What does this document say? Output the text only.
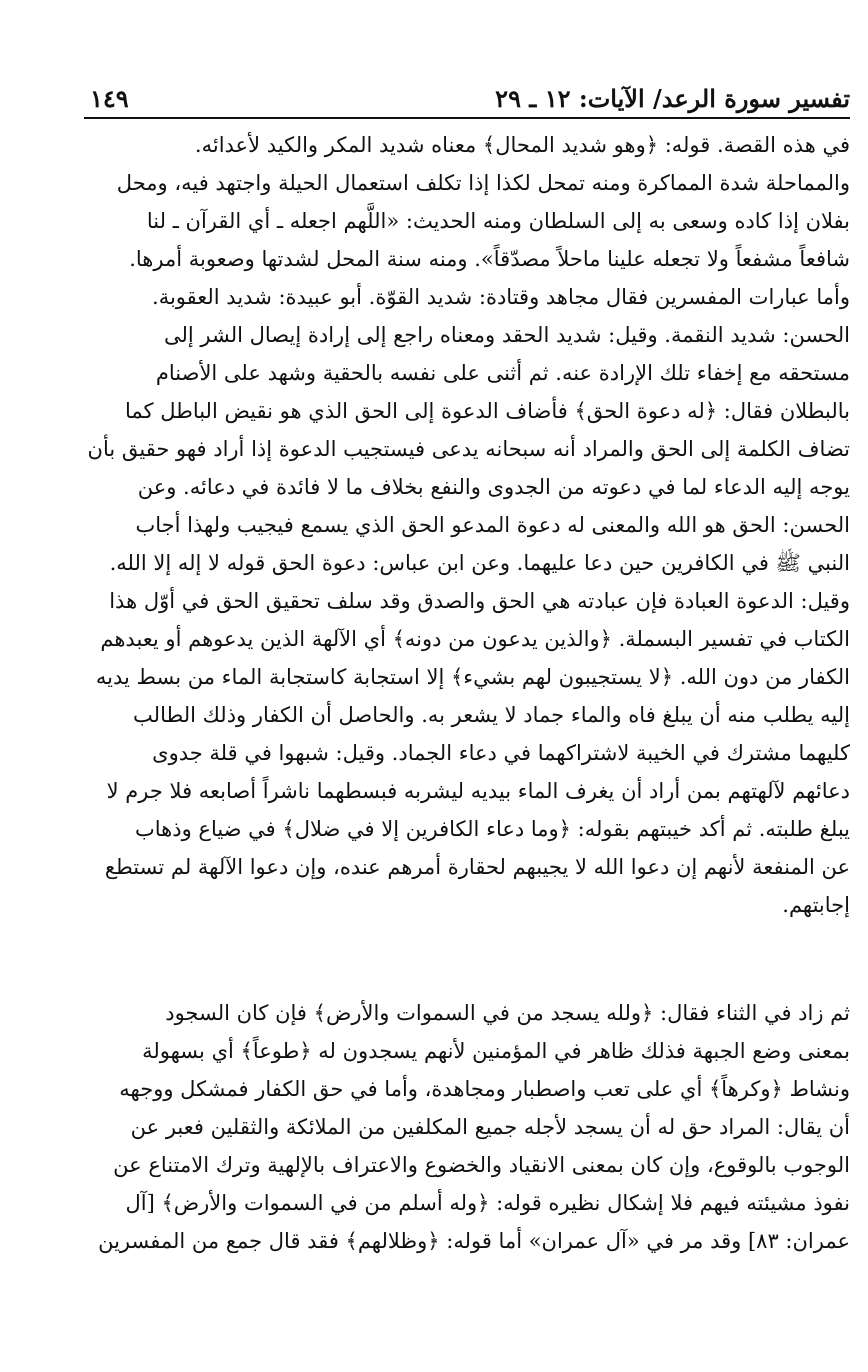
تفسير سورة الرعد/ الآيات: ١٢ ـ ٢٩
١٤٩
في هذه القصة. قوله: ﴿وهو شديد المحال﴾ معناه شديد المكر والكيد لأعدائه.
والمماحلة شدة المماكرة ومنه تمحل لكذا إذا تكلف استعمال الحيلة واجتهد فيه، ومحل
بفلان إذا كاده وسعى به إلى السلطان ومنه الحديث: «اللَّهم اجعله ـ أي القرآن ـ لنا
شافعاً مشفعاً ولا تجعله علينا ماحلاً مصدّقاً». ومنه سنة المحل لشدتها وصعوبة أمرها.
وأما عبارات المفسرين فقال مجاهد وقتادة: شديد القوّة. أبو عبيدة: شديد العقوبة.
الحسن: شديد النقمة. وقيل: شديد الحقد ومعناه راجع إلى إرادة إيصال الشر إلى
مستحقه مع إخفاء تلك الإرادة عنه. ثم أثنى على نفسه بالحقية وشهد على الأصنام
بالبطلان فقال: ﴿له دعوة الحق﴾ فأضاف الدعوة إلى الحق الذي هو نقيض الباطل كما
تضاف الكلمة إلى الحق والمراد أنه سبحانه يدعى فيستجيب الدعوة إذا أراد فهو حقيق بأن
يوجه إليه الدعاء لما في دعوته من الجدوى والنفع بخلاف ما لا فائدة في دعائه. وعن
الحسن: الحق هو الله والمعنى له دعوة المدعو الحق الذي يسمع فيجيب ولهذا أجاب
النبي ﷺ في الكافرين حين دعا عليهما. وعن ابن عباس: دعوة الحق قوله لا إله إلا الله.
وقيل: الدعوة العبادة فإن عبادته هي الحق والصدق وقد سلف تحقيق الحق في أوّل هذا
الكتاب في تفسير البسملة. ﴿والذين يدعون من دونه﴾ أي الآلهة الذين يدعوهم أو يعبدهم
الكفار من دون الله. ﴿لا يستجيبون لهم بشيء﴾ إلا استجابة كاستجابة الماء من بسط يديه
إليه يطلب منه أن يبلغ فاه والماء جماد لا يشعر به. والحاصل أن الكفار وذلك الطالب
كليهما مشترك في الخيبة لاشتراكهما في دعاء الجماد. وقيل: شبهوا في قلة جدوى
دعائهم لآلهتهم بمن أراد أن يغرف الماء بيديه ليشربه فبسطهما ناشراً أصابعه فلا جرم لا
يبلغ طلبته. ثم أكد خيبتهم بقوله: ﴿وما دعاء الكافرين إلا في ضلال﴾ في ضياع وذهاب
عن المنفعة لأنهم إن دعوا الله لا يجيبهم لحقارة أمرهم عنده، وإن دعوا الآلهة لم تستطع
إجابتهم.
ثم زاد في الثناء فقال: ﴿ولله يسجد من في السموات والأرض﴾ فإن كان السجود
بمعنى وضع الجبهة فذلك ظاهر في المؤمنين لأنهم يسجدون له ﴿طوعاً﴾ أي بسهولة
ونشاط ﴿وكرهاً﴾ أي على تعب واصطبار ومجاهدة، وأما في حق الكفار فمشكل ووجهه
أن يقال: المراد حق له أن يسجد لأجله جميع المكلفين من الملائكة والثقلين فعبر عن
الوجوب بالوقوع، وإن كان بمعنى الانقياد والخضوع والاعتراف بالإلهية وترك الامتناع عن
نفوذ مشيئته فيهم فلا إشكال نظيره قوله: ﴿وله أسلم من في السموات والأرض﴾ [آل
عمران: ٨٣] وقد مر في «آل عمران» أما قوله: ﴿وظلالهم﴾ فقد قال جمع من المفسرين
